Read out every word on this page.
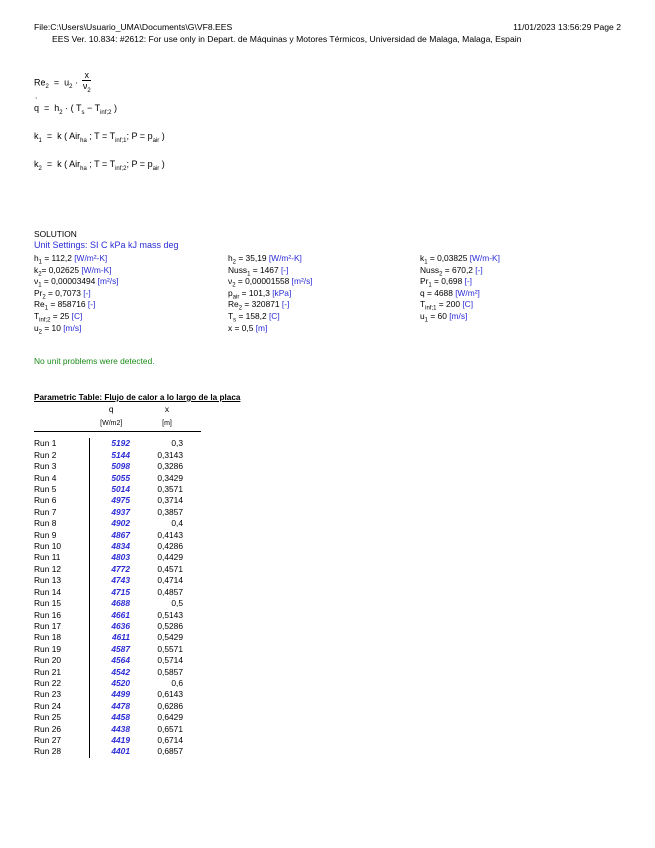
File:C:\Users\Usuario_UMA\Documents\G\VF8.EES	11/01/2023 13:56:29 Page 2
EES Ver. 10.834: #2612: For use only in Depart. de Máquinas y Motores Térmicos, Universidad de Malaga, Malaga, Espain
$Re_2 = u_2 \cdot \frac{x}{\nu_2}$
˙ $q = h_2$ · ( $T_s - T_{inf;2}$ )
$k_1 = k$ ( Air$_{ha}$ ; $T = T_{inf;1}$; $P = p_{air}$ )
$k_2 = k$ ( Air$_{ha}$ ; $T = T_{inf;2}$; $P = p_{air}$ )
SOLUTION
Unit Settings: SI C kPa kJ mass deg
$h_1 = 112,2$ [W/m²-K]
$k_2= 0,02625$ [W/m-K]
$\nu_1 = 0,00003494$ [m²/s]
$Pr_2 = 0,7073$ [-]
$Re_1 = 858716$ [-]
$T_{inf;2} = 25$ [C]
$u_2 = 10$ [m/s]
$h_2 = 35,19$ [W/m²-K]
Nuss$_1$ = 1467 [-]
$\nu_2 = 0,00001558$ [m²/s]
$p_{air} = 101,3$ [kPa]
$Re_2 = 320871$ [-]
$T_s = 158,2$ [C]
x = 0,5 [m]
$k_1 = 0,03825$ [W/m-K]
Nuss$_2$ = 670,2 [-]
$Pr_1 = 0,698$ [-]
˙ q = 4688 [W/m²]
$T_{inf;1} = 200$ [C]
$u_1 = 60$ [m/s]
No unit problems were detected.
Parametric Table: Flujo de calor a lo largo de la placa
	˙ q	x
	[W/m2]	[m]

Run 1	5192	0,3
Run 2	5144	0,3143
Run 3	5098	0,3286
Run 4	5055	0,3429
Run 5	5014	0,3571
Run 6	4975	0,3714
Run 7	4937	0,3857
Run 8	4902	0,4
Run 9	4867	0,4143
Run 10	4834	0,4286
Run 11	4803	0,4429
Run 12	4772	0,4571
Run 13	4743	0,4714
Run 14	4715	0,4857
Run 15	4688	0,5
Run 16	4661	0,5143
Run 17	4636	0,5286
Run 18	4611	0,5429
Run 19	4587	0,5571
Run 20	4564	0,5714
Run 21	4542	0,5857
Run 22	4520	0,6
Run 23	4499	0,6143
Run 24	4478	0,6286
Run 25	4458	0,6429
Run 26	4438	0,6571
Run 27	4419	0,6714
Run 28	4401	0,6857
